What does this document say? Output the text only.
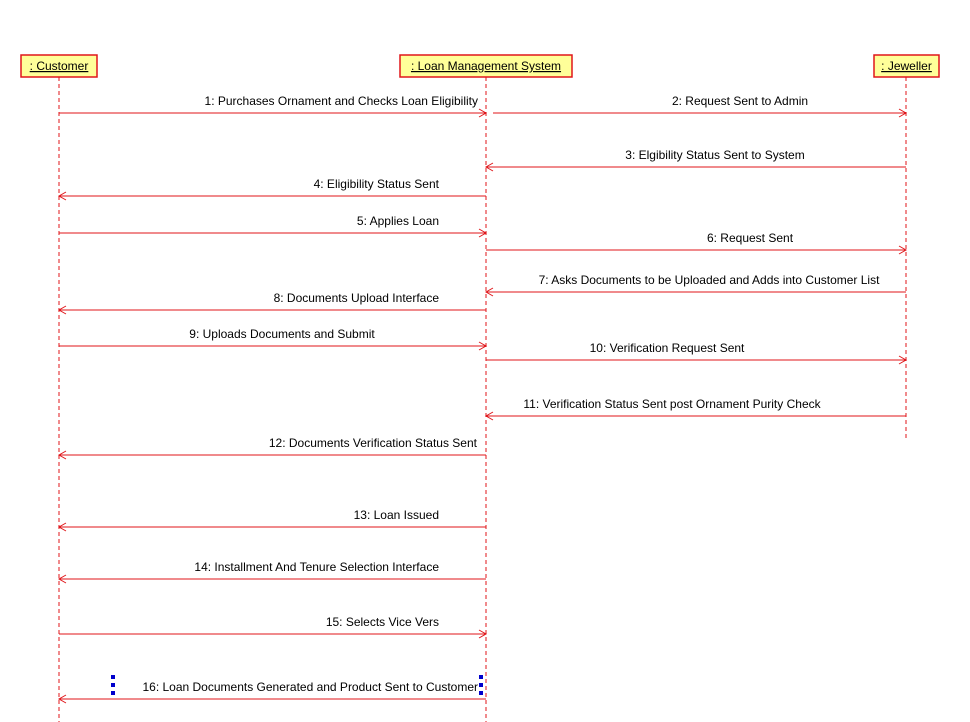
: Customer	: Loan Management System	: Jeweller
1: Purchases Ornament and Checks Loan Eligibility	2: Request Sent to Admin
3: Elgibility Status Sent to System
4: Eligibility Status Sent
5: Applies Loan
6: Request Sent
7: Asks Documents to be Uploaded and Adds into Customer List
8: Documents Upload Interface
9: Uploads Documents and Submit
10: Verification Request Sent
11: Verification Status Sent post Ornament Purity Check
12: Documents Verification Status Sent
13: Loan Issued
14: Installment And Tenure Selection Interface
15: Selects Vice Vers
16: Loan Documents Generated and Product Sent to Customer
